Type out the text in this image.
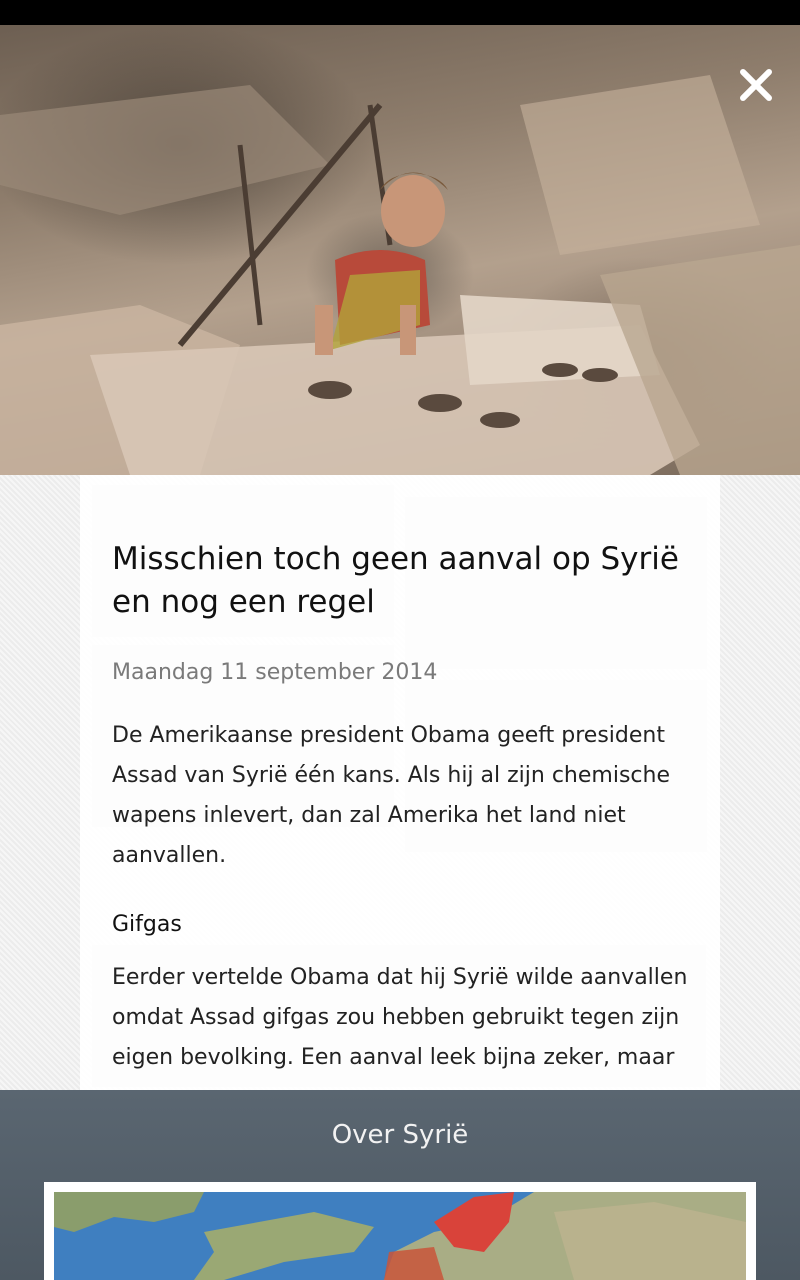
Misschien toch geen aanval op Syrië en nog een regel

Maandag 11 september 2014

De Amerikaanse president Obama geeft president Assad van Syrië één kans. Als hij al zijn chemische wapens inlevert, dan zal Amerika het land niet aanvallen.

Gifgas

Eerder vertelde Obama dat hij Syrië wilde aanvallen omdat Assad gifgas zou hebben gebruikt tegen zijn eigen bevolking. Een aanval leek bijna zeker, maar

Over Syrië
